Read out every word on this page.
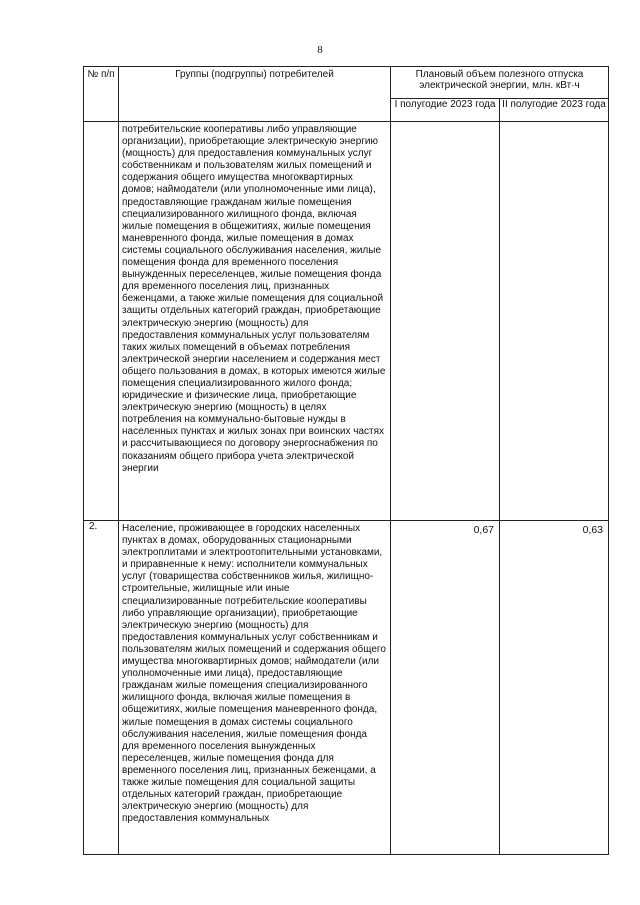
8
№ п/п	Группы (подгруппы) потребителей	Плановый объем полезного отпуска электрической энергии, млн. кВт·ч	
		I полугодие 2023 года	II полугодие 2023 года
	потребительские кооперативы либо управляющие организации), приобретающие электрическую энергию (мощность) для предоставления коммунальных услуг собственникам и пользователям жилых помещений и содержания общего имущества многоквартирных домов; наймодатели (или уполномоченные ими лица), предоставляющие гражданам жилые помещения специализированного жилищного фонда, включая жилые помещения в общежитиях, жилые помещения маневренного фонда, жилые помещения в домах системы социального обслуживания населения, жилые помещения фонда для временного поселения вынужденных переселенцев, жилые помещения фонда для временного поселения лиц, признанных беженцами, а также жилые помещения для социальной защиты отдельных категорий граждан, приобретающие электрическую энергию (мощность) для предоставления коммунальных услуг пользователям таких жилых помещений в объемах потребления электрической энергии населением и содержания мест общего пользования в домах, в которых имеются жилые помещения специализированного жилого фонда; юридические и физические лица, приобретающие электрическую энергию (мощность) в целях потребления на коммунально-бытовые нужды в населенных пунктах и жилых зонах при воинских частях и рассчитывающиеся по договору энергоснабжения по показаниям общего прибора учета электрической энергии		
2.	Население, проживающее в городских населенных пунктах в домах, оборудованных стационарными электроплитами и электроотопительными установками, и приравненные к нему: исполнители коммунальных услуг (товарищества собственников жилья, жилищно-строительные, жилищные или иные специализированные потребительские кооперативы либо управляющие организации), приобретающие электрическую энергию (мощность) для предоставления коммунальных услуг собственникам и пользователям жилых помещений и содержания общего имущества многоквартирных домов; наймодатели (или уполномоченные ими лица), предоставляющие гражданам жилые помещения специализированного жилищного фонда, включая жилые помещения в общежитиях, жилые помещения маневренного фонда, жилые помещения в домах системы социального обслуживания населения, жилые помещения фонда для временного поселения вынужденных переселенцев, жилые помещения фонда для временного поселения лиц, признанных беженцами, а также жилые помещения для социальной защиты отдельных категорий граждан, приобретающие электрическую энергию (мощность) для предоставления коммунальных	0,67	0,63
